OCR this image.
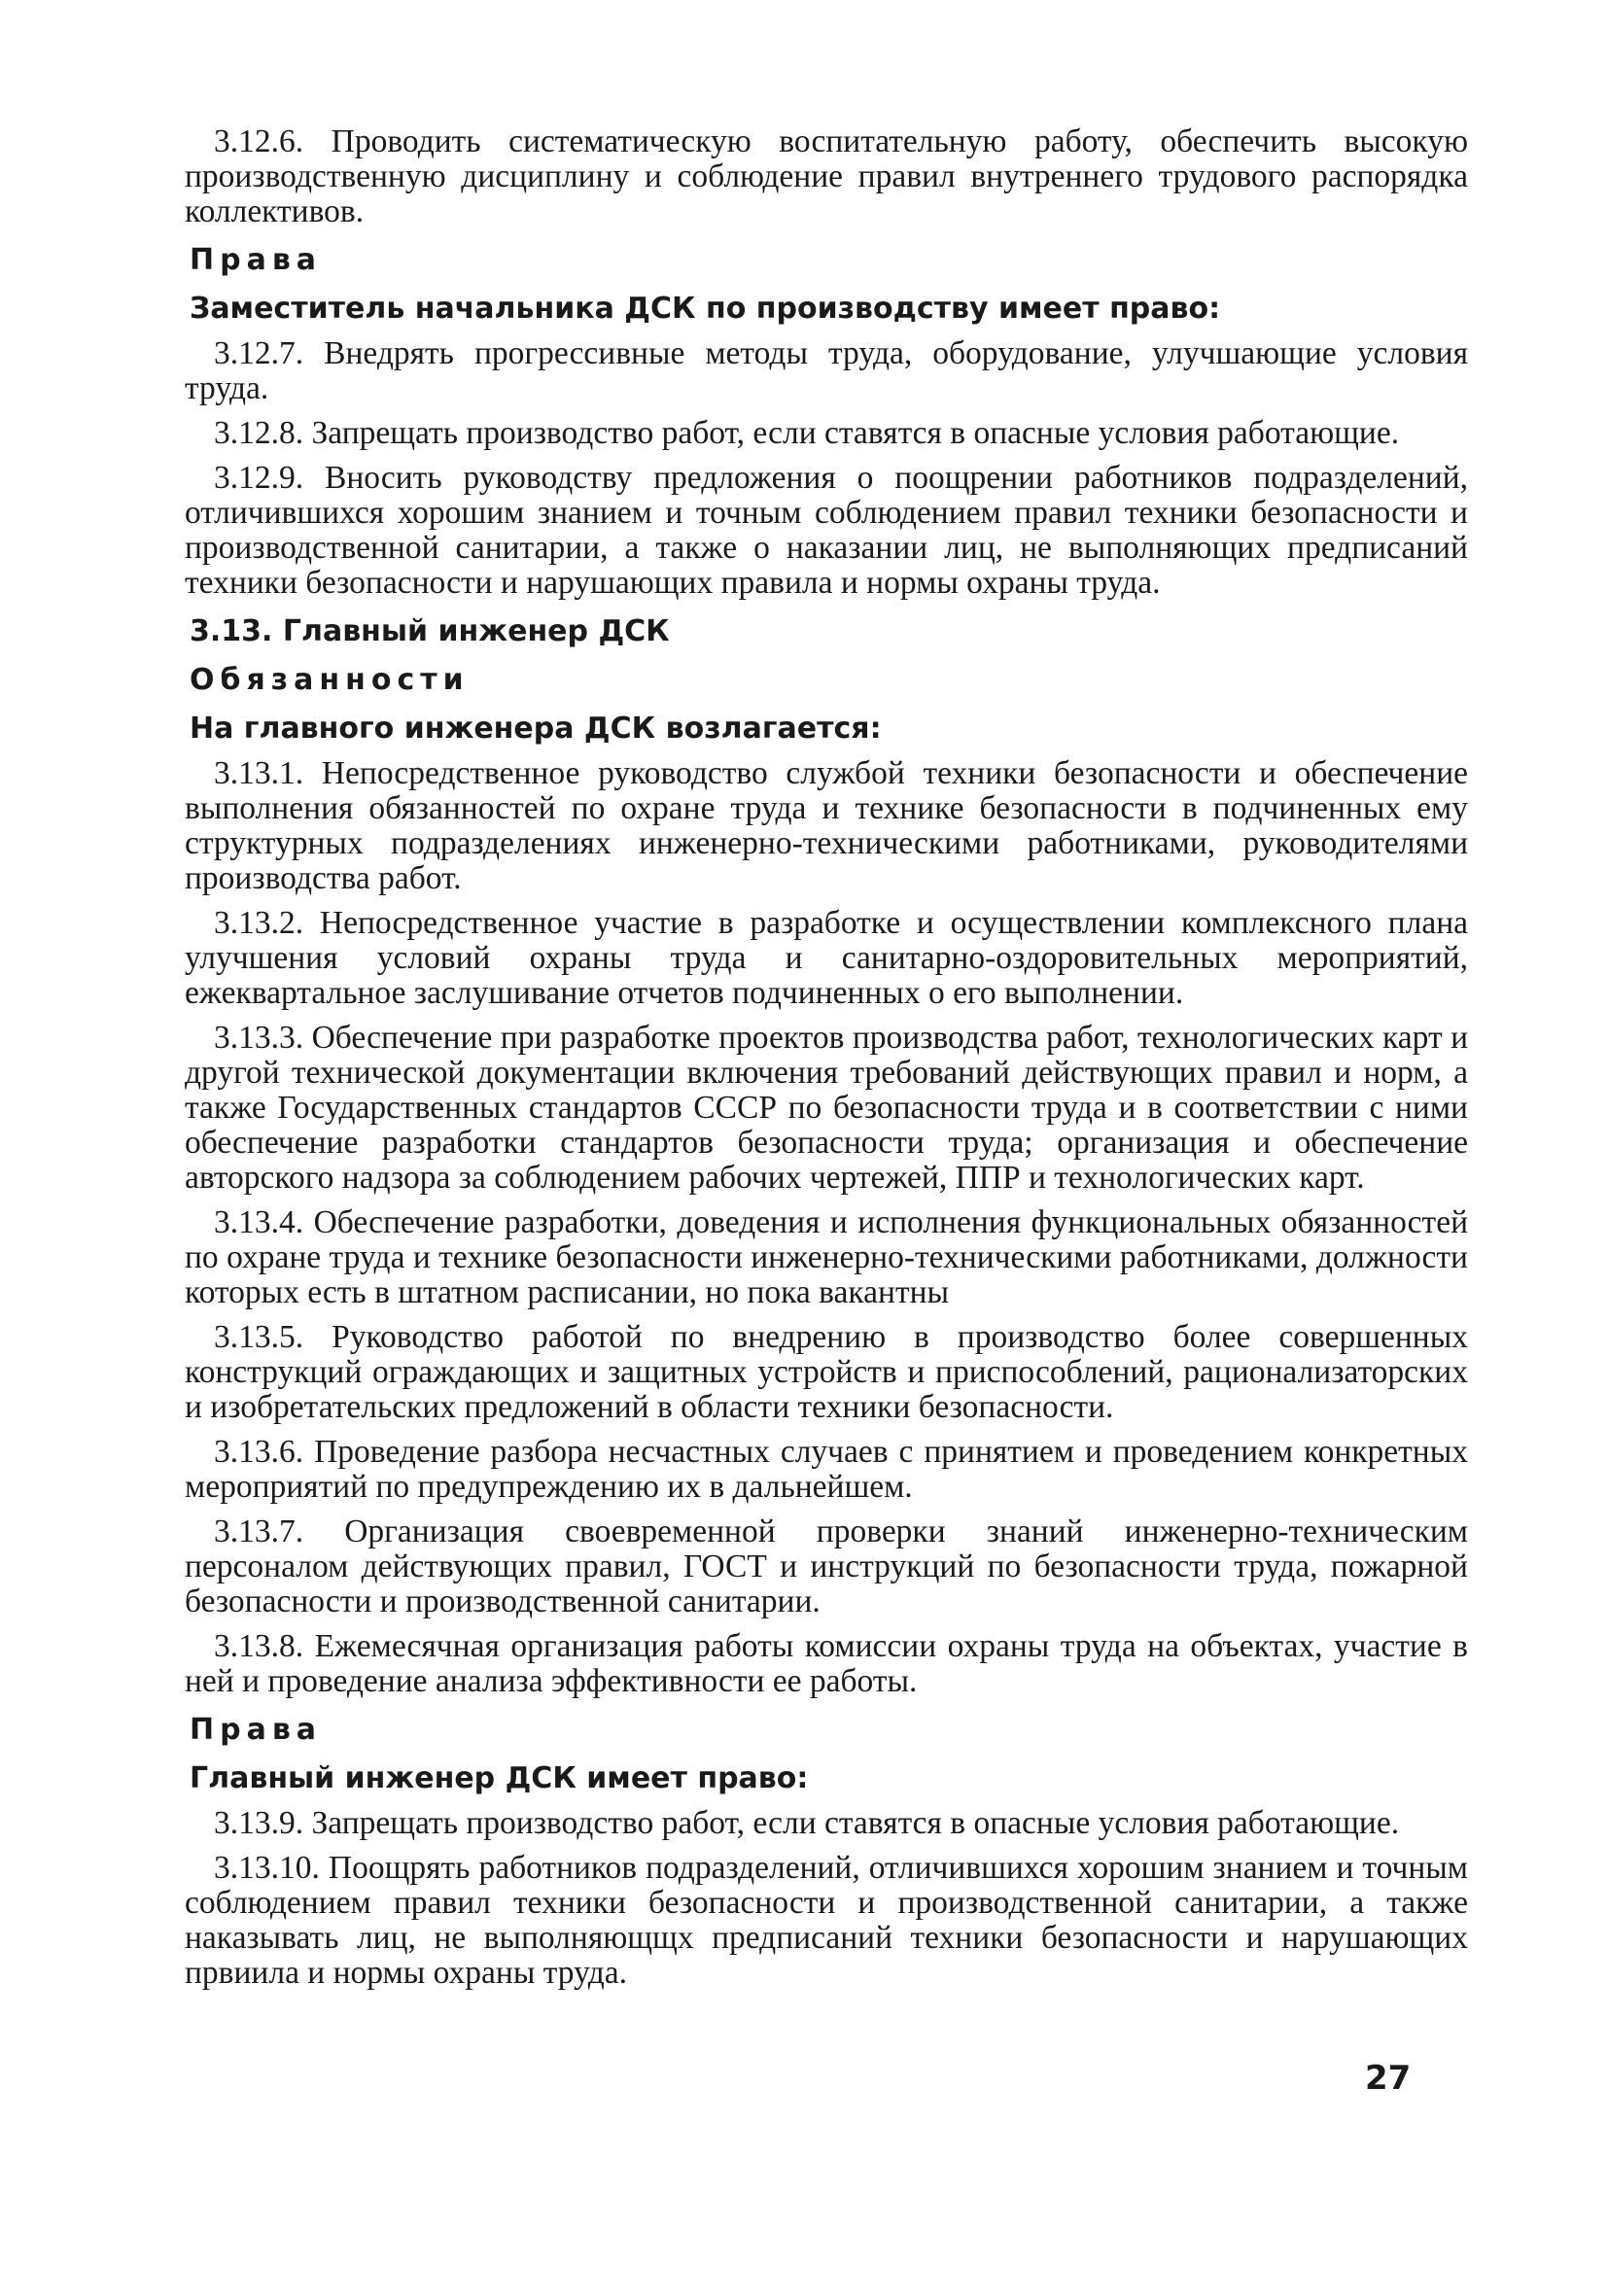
3.12.6. Проводить систематическую воспитательную работу, обеспечить высокую производственную дисциплину и соблюдение правил внутреннего трудового распорядка коллективов.

Права
Заместитель начальника ДСК по производству имеет право:

3.12.7. Внедрять прогрессивные методы труда, оборудование, улучшающие условия труда.

3.12.8. Запрещать производство работ, если ставятся в опасные условия работающие.

3.12.9. Вносить руководству предложения о поощрении работников подразделений, отличившихся хорошим знанием и точным соблюдением правил техники безопасности и производственной санитарии, а также о наказании лиц, не выполняющих предписаний техники безопасности и нарушающих правила и нормы охраны труда.

3.13. Главный инженер ДСК
Обязанности
На главного инженера ДСК возлагается:

3.13.1. Непосредственное руководство службой техники безопасности и обеспечение выполнения обязанностей по охране труда и технике безопасности в подчиненных ему структурных подразделениях инженерно-техническими работниками, руководителями производства работ.

3.13.2. Непосредственное участие в разработке и осуществлении комплексного плана улучшения условий охраны труда и санитарно-оздоровительных мероприятий, ежеквартальное заслушивание отчетов подчиненных о его выполнении.

3.13.3. Обеспечение при разработке проектов производства работ, технологических карт и другой технической документации включения требований действующих правил и норм, а также Государственных стандартов СССР по безопасности труда и в соответствии с ними обеспечение разработки стандартов безопасности труда; организация и обеспечение авторского надзора за соблюдением рабочих чертежей, ППР и технологических карт.

3.13.4. Обеспечение разработки, доведения и исполнения функциональных обязанностей по охране труда и технике безопасности инженерно-техническими работниками, должности которых есть в штатном расписании, но пока вакантны

3.13.5. Руководство работой по внедрению в производство более совершенных конструкций ограждающих и защитных устройств и приспособлений, рационализаторских и изобретательских предложений в области техники безопасности.

3.13.6. Проведение разбора несчастных случаев с принятием и проведением конкретных мероприятий по предупреждению их в дальнейшем.

3.13.7. Организация своевременной проверки знаний инженерно-техническим персоналом действующих правил, ГОСТ и инструкций по безопасности труда, пожарной безопасности и производственной санитарии.

3.13.8. Ежемесячная организация работы комиссии охраны труда на объектах, участие в ней и проведение анализа эффективности ее работы.

Права
Главный инженер ДСК имеет право:

3.13.9. Запрещать производство работ, если ставятся в опасные условия работающие.

3.13.10. Поощрять работников подразделений, отличившихся хорошим знанием и точным соблюдением правил техники безопасности и производственной санитарии, а также наказывать лиц, не выполняющщх предписаний техники безопасности и нарушающих првиила и нормы охраны труда.

27
